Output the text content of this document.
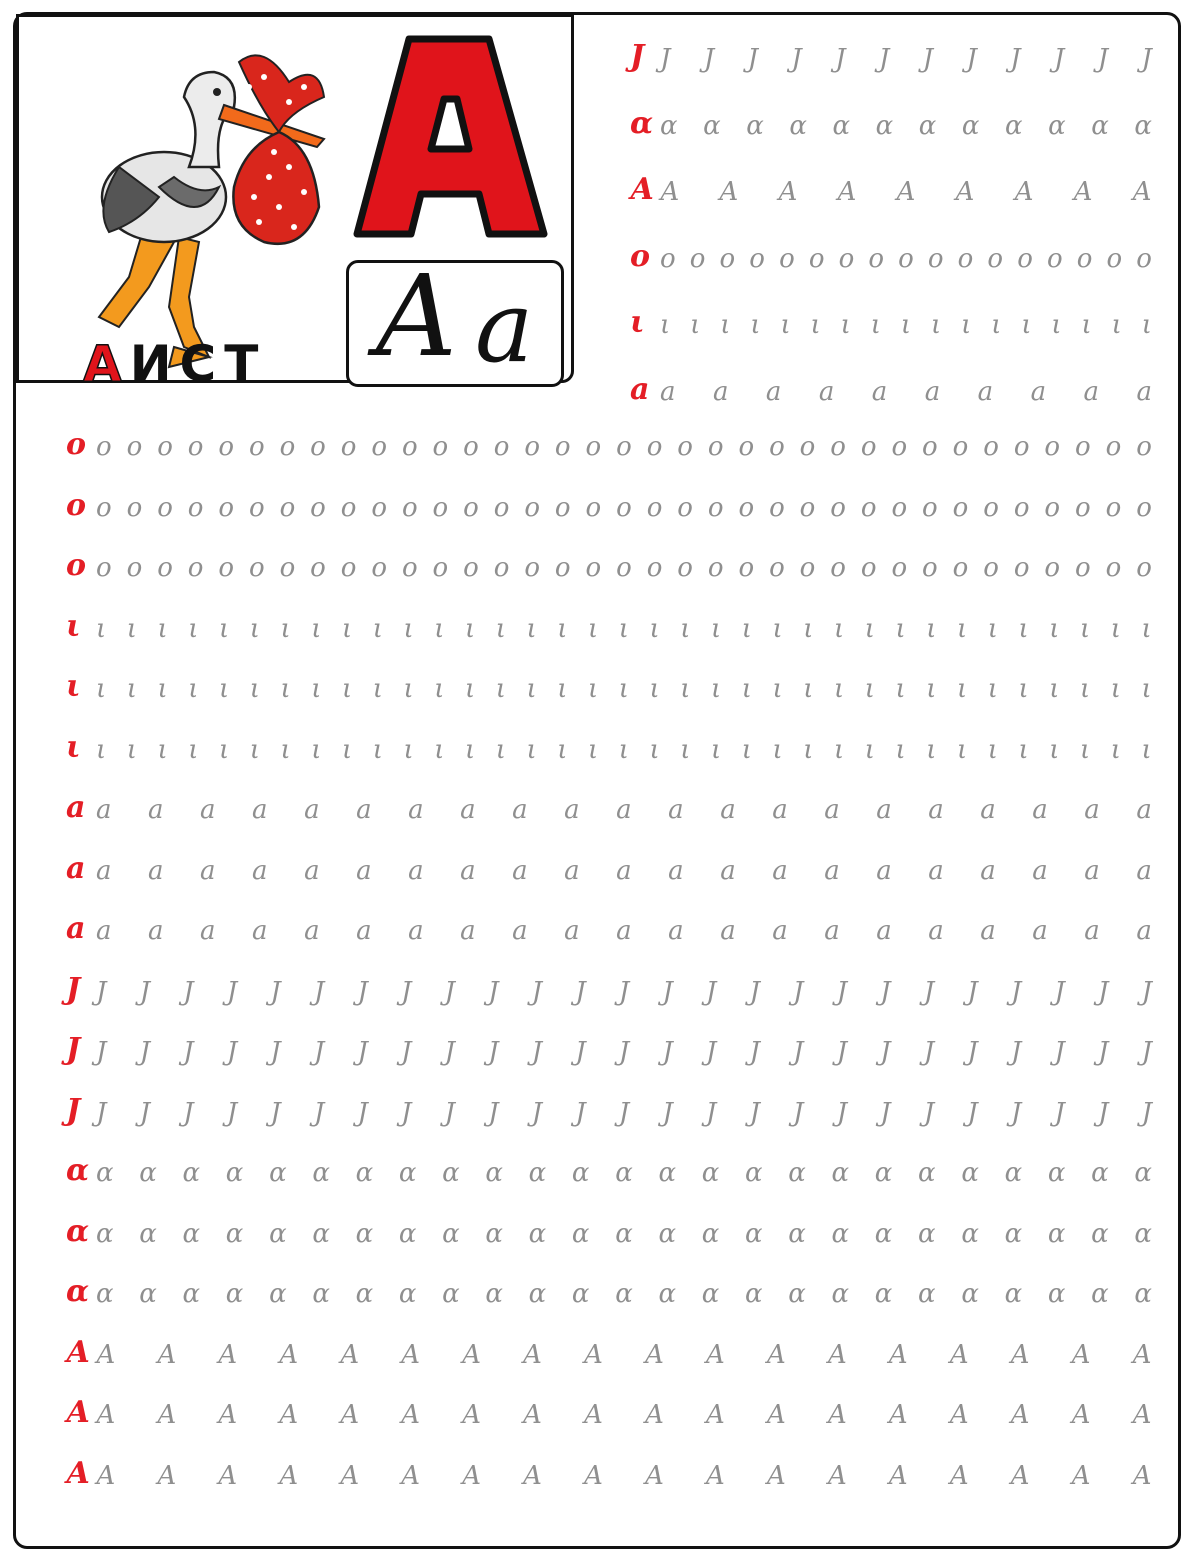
АИСТ А а
J J J J J J J J J J J J J
ɑ ɑ ɑ ɑ ɑ ɑ ɑ ɑ ɑ ɑ ɑ ɑ ɑ
А А А А А А А А А А
o o o o o o o o o o o o o o o o o o
ι ι ι ι ι ι ι ι ι ι ι ι ι ι ι ι ι ι
а а а а а а а а а а а
o o o o o o o o o o o o o o o o o o o o o o o o o o o o o o o o o o o o
o o o o o o o o o o o o o o o o o o o o o o o o o o o o o o o o o o o o
o o o o o o o o o o o o o o o o o o o o o o o o o o o o o o o o o o o o
ι ι ι ι ι ι ι ι ι ι ι ι ι ι ι ι ι ι ι ι ι ι ι ι ι ι ι ι ι ι ι ι ι ι ι ι
ι ι ι ι ι ι ι ι ι ι ι ι ι ι ι ι ι ι ι ι ι ι ι ι ι ι ι ι ι ι ι ι ι ι ι ι
ι ι ι ι ι ι ι ι ι ι ι ι ι ι ι ι ι ι ι ι ι ι ι ι ι ι ι ι ι ι ι ι ι ι ι ι
а а а а а а а а а а а а а а а а а а а а а а
а а а а а а а а а а а а а а а а а а а а а а
а а а а а а а а а а а а а а а а а а а а а а
J J J J J J J J J J J J J J J J J J J J J J J J J J
J J J J J J J J J J J J J J J J J J J J J J J J J J
J J J J J J J J J J J J J J J J J J J J J J J J J J
ɑ ɑ ɑ ɑ ɑ ɑ ɑ ɑ ɑ ɑ ɑ ɑ ɑ ɑ ɑ ɑ ɑ ɑ ɑ ɑ ɑ ɑ ɑ ɑ ɑ ɑ
ɑ ɑ ɑ ɑ ɑ ɑ ɑ ɑ ɑ ɑ ɑ ɑ ɑ ɑ ɑ ɑ ɑ ɑ ɑ ɑ ɑ ɑ ɑ ɑ ɑ ɑ
ɑ ɑ ɑ ɑ ɑ ɑ ɑ ɑ ɑ ɑ ɑ ɑ ɑ ɑ ɑ ɑ ɑ ɑ ɑ ɑ ɑ ɑ ɑ ɑ ɑ ɑ
А А А А А А А А А А А А А А А А А А А
А А А А А А А А А А А А А А А А А А А
А А А А А А А А А А А А А А А А А А А
